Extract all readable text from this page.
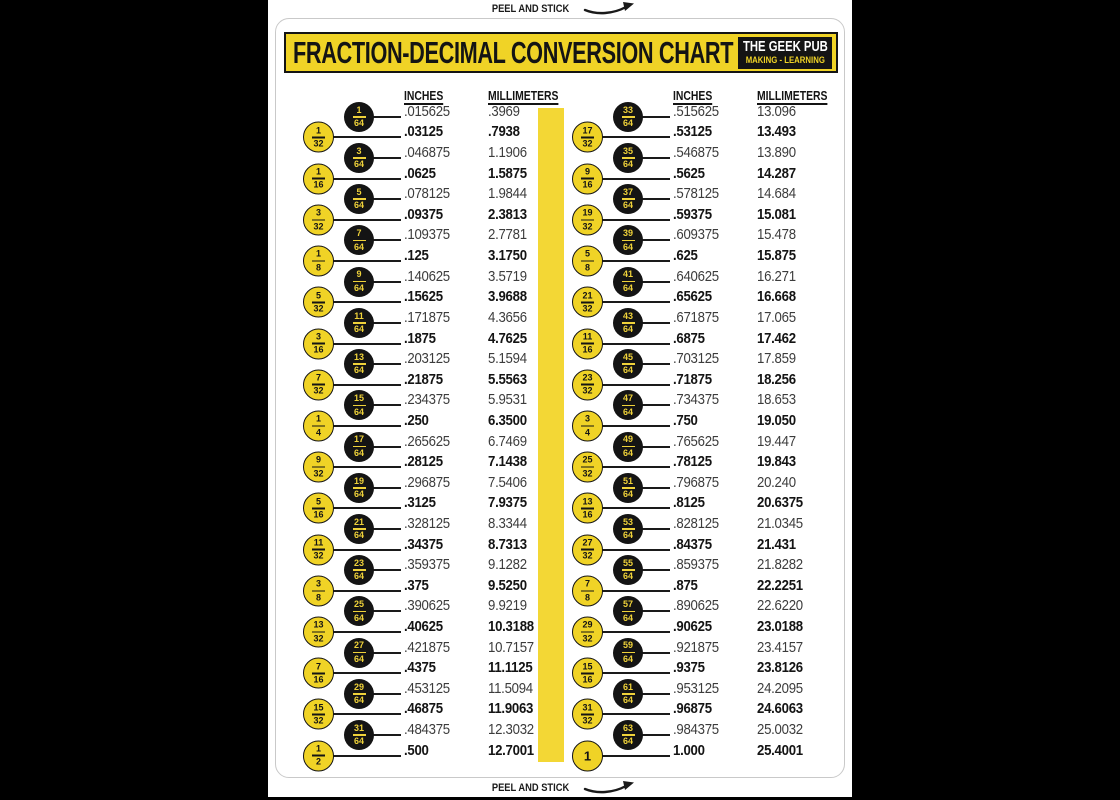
PEEL AND STICK
FRACTION-DECIMAL CONVERSION CHART THE GEEK PUB
MAKING - LEARNING
INCHES	MILLIMETERS
1
64
.015625	.3969
1
32
.03125	.7938
3
64
.046875	1.1906
1
16
.0625	1.5875
5
64
.078125	1.9844
3
32
.09375	2.3813
7
64
.109375	2.7781
1
8
.125	3.1750
9
64
.140625	3.5719
5
32
.15625	3.9688
11
64
.171875	4.3656
3
16
.1875	4.7625
13
64
.203125	5.1594
7
32
.21875	5.5563
15
64
.234375	5.9531
1
4
.250	6.3500
17
64
.265625	6.7469
9
32
.28125	7.1438
19
64
.296875	7.5406
5
16
.3125	7.9375
21
64
.328125	8.3344
11
32
.34375	8.7313
23
64
.359375	9.1282
3
8
.375	9.5250
25
64
.390625	9.9219
13
32
.40625	10.3188
27
64
.421875	10.7157
7
16
.4375	11.1125
29
64
.453125	11.5094
15
32
.46875	11.9063
31
64
.484375	12.3032
1
2
.500	12.7001
INCHES	MILLIMETERS
33
64
.515625	13.096
17
32
.53125	13.493
35
64
.546875	13.890
9
16
.5625	14.287
37
64
.578125	14.684
19
32
.59375	15.081
39
64
.609375	15.478
5
8
.625	15.875
41
64
.640625	16.271
21
32
.65625	16.668
43
64
.671875	17.065
11
16
.6875	17.462
45
64
.703125	17.859
23
32
.71875	18.256
47
64
.734375	18.653
3
4
.750	19.050
49
64
.765625	19.447
25
32
.78125	19.843
51
64
.796875	20.240
13
16
.8125	20.6375
53
64
.828125	21.0345
27
32
.84375	21.431
55
64
.859375	21.8282
7
8
.875	22.2251
57
64
.890625	22.6220
29
32
.90625	23.0188
59
64
.921875	23.4157
15
16
.9375	23.8126
61
64
.953125	24.2095
31
32
.96875	24.6063
63
64
.984375	25.0032
1	1.000	25.4001
PEEL AND STICK
